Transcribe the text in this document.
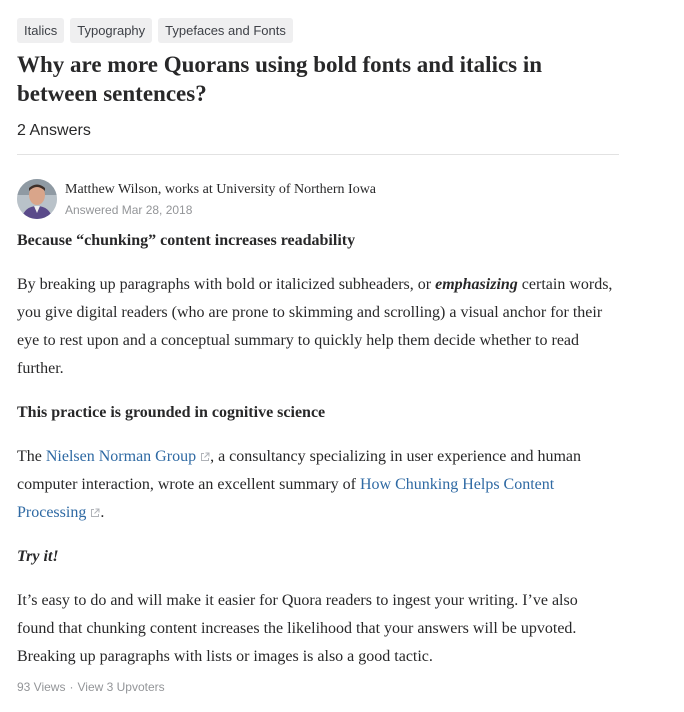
Italics	Typography	Typefaces and Fonts
Why are more Quorans using bold fonts and italics in between sentences?
2 Answers
Matthew Wilson, works at University of Northern Iowa
Answered Mar 28, 2018
Because “chunking” content increases readability

By breaking up paragraphs with bold or italicized subheaders, or emphasizing certain words, you give digital readers (who are prone to skimming and scrolling) a visual anchor for their eye to rest upon and a conceptual summary to quickly help them decide whether to read further.

This practice is grounded in cognitive science

The Nielsen Norman Group , a consultancy specializing in user experience and human computer interaction, wrote an excellent summary of How Chunking Helps Content Processing .

Try it!

It’s easy to do and will make it easier for Quora readers to ingest your writing. I’ve also found that chunking content increases the likelihood that your answers will be upvoted. Breaking up paragraphs with lists or images is also a good tactic.

93 Views · View 3 Upvoters
